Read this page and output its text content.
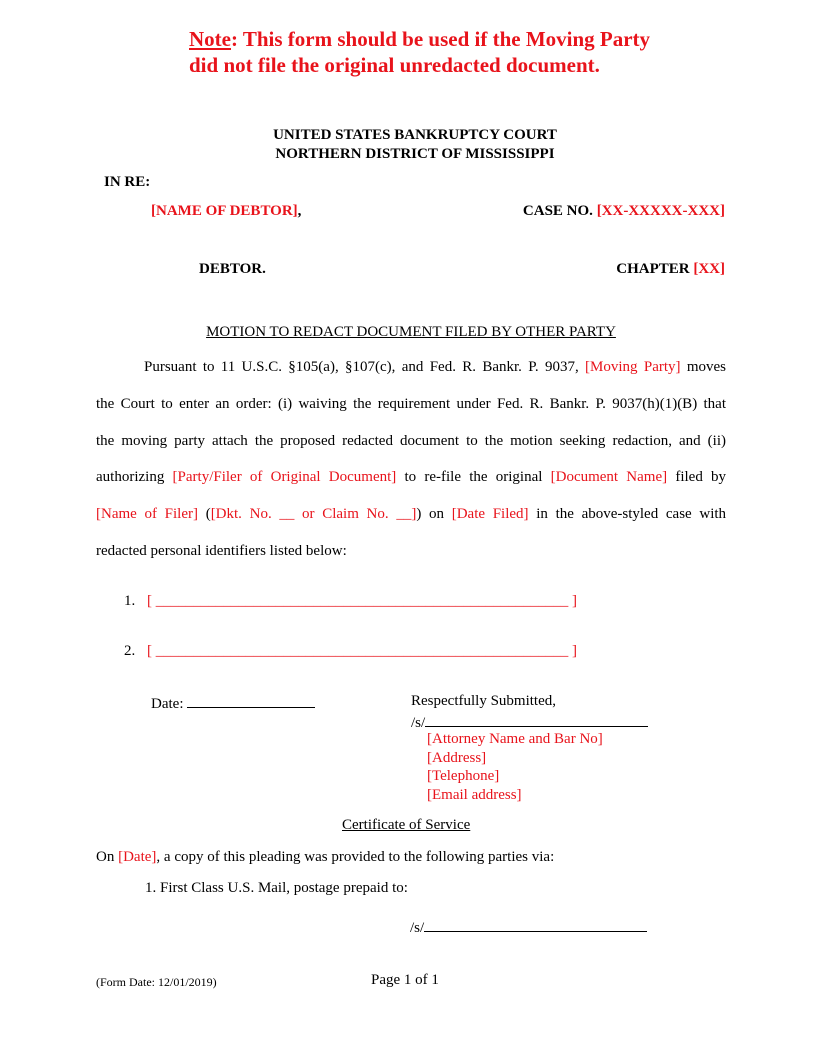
Note: This form should be used if the Moving Party
did not file the original unredacted document.
UNITED STATES BANKRUPTCY COURT
NORTHERN DISTRICT OF MISSISSIPPI
IN RE:
[NAME OF DEBTOR],	CASE NO. [XX-XXXXX-XXX]
DEBTOR.	CHAPTER [XX]
MOTION TO REDACT DOCUMENT FILED BY OTHER PARTY
Pursuant to 11 U.S.C. §105(a), §107(c), and Fed. R. Bankr. P. 9037, [Moving Party] moves
the Court to enter an order: (i) waiving the requirement under Fed. R. Bankr. P. 9037(h)(1)(B) that
the moving party attach the proposed redacted document to the motion seeking redaction, and (ii)
authorizing [Party/Filer of Original Document] to re-file the original [Document Name] filed by
[Name of Filer] ([Dkt. No. __ or Claim No. __]) on [Date Filed] in the above-styled case with
redacted personal identifiers listed below:
1. [ _______________________________________________________ ]
2. [ _______________________________________________________ ]
Date:	Respectfully Submitted,
/s/
[Attorney Name and Bar No]
[Address]
[Telephone]
[Email address]
Certificate of Service
On [Date], a copy of this pleading was provided to the following parties via:
1. First Class U.S. Mail, postage prepaid to:
/s/
(Form Date: 12/01/2019)	Page 1 of 1
